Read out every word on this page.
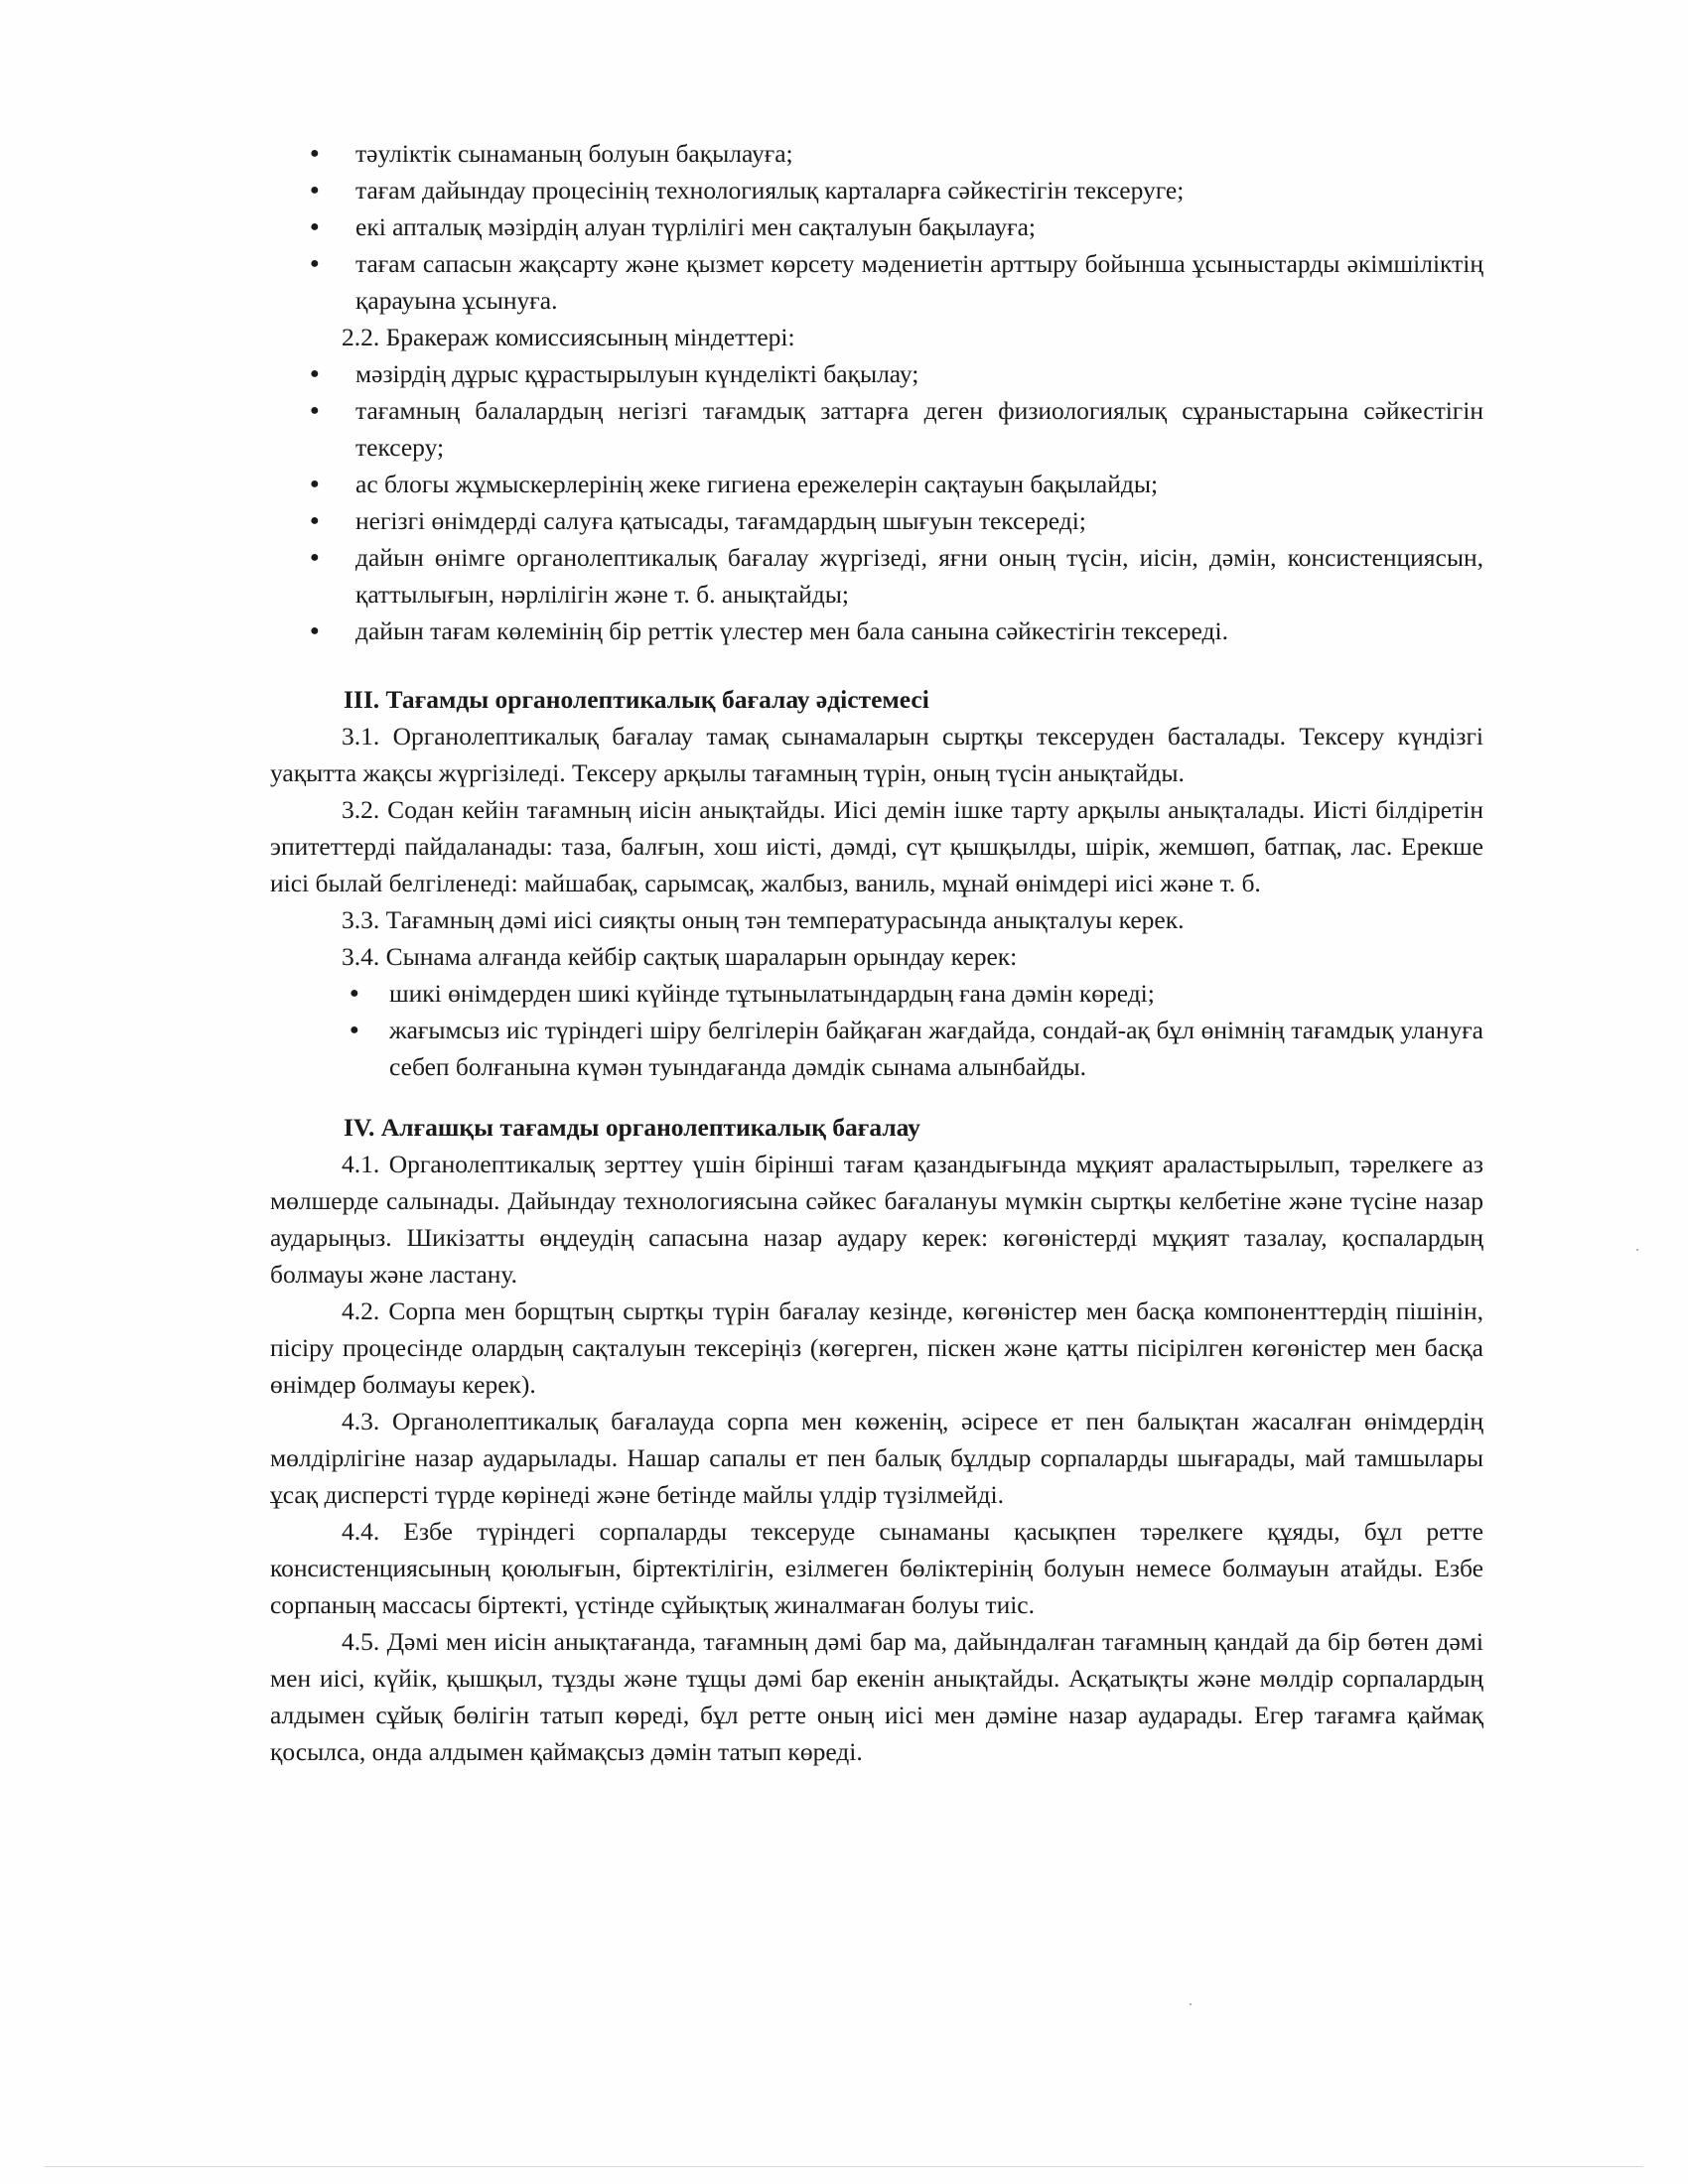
● тәуліктік сынаманың болуын бақылауға;
● тағам дайындау процесінің технологиялық карталарға сәйкестігін тексеруге;
● екі апталық мәзірдің алуан түрлілігі мен сақталуын бақылауға;
● тағам сапасын жақсарту және қызмет көрсету мәдениетін арттыру бойынша ұсыныстарды әкімшіліктің қарауына ұсынуға.

2.2. Бракераж комиссиясының міндеттері:

● мәзірдің дұрыс құрастырылуын күнделікті бақылау;
● тағамның балалардың негізгі тағамдық заттарға деген физиологиялық сұраныстарына сәйкестігін тексеру;
● ас блогы жұмыскерлерінің жеке гигиена ережелерін сақтауын бақылайды;
● негізгі өнімдерді салуға қатысады, тағамдардың шығуын тексереді;
● дайын өнімге органолептикалық бағалау жүргізеді, яғни оның түсін, иісін, дәмін, консистенциясын, қаттылығын, нәрлілігін және т. б. анықтайды;
● дайын тағам көлемінің бір реттік үлестер мен бала санына сәйкестігін тексереді.
III. Тағамды органолептикалық бағалау әдістемесі

3.1. Органолептикалық бағалау тамақ сынамаларын сыртқы тексеруден басталады. Тексеру күндізгі уақытта жақсы жүргізіледі. Тексеру арқылы тағамның түрін, оның түсін анықтайды.

3.2. Содан кейін тағамның иісін анықтайды. Иісі демін ішке тарту арқылы анықталады. Иісті білдіретін эпитеттерді пайдаланады: таза, балғын, хош иісті, дәмді, сүт қышқылды, шірік, жемшөп, батпақ, лас. Ерекше иісі былай белгіленеді: майшабақ, сарымсақ, жалбыз, ваниль, мұнай өнімдері иісі және т. б.

3.3. Тағамның дәмі иісі сияқты оның тән температурасында анықталуы керек.

3.4. Сынама алғанда кейбір сақтық шараларын орындау керек:

● шикі өнімдерден шикі күйінде тұтынылатындардың ғана дәмін көреді;
● жағымсыз иіс түріндегі шіру белгілерін байқаған жағдайда, сондай-ақ бұл өнімнің тағамдық улануға себеп болғанына күмән туындағанда дәмдік сынама алынбайды.
IV. Алғашқы тағамды органолептикалық бағалау

4.1. Органолептикалық зерттеу үшін бірінші тағам қазандығында мұқият араластырылып, тәрелкеге аз мөлшерде салынады. Дайындау технологиясына сәйкес бағалануы мүмкін сыртқы келбетіне және түсіне назар аударыңыз. Шикізатты өңдеудің сапасына назар аудару керек: көгөністерді мұқият тазалау, қоспалардың болмауы және ластану.

4.2. Сорпа мен борщтың сыртқы түрін бағалау кезінде, көгөністер мен басқа компоненттердің пішінін, пісіру процесінде олардың сақталуын тексеріңіз (көгерген, піскен және қатты пісірілген көгөністер мен басқа өнімдер болмауы керек).

4.3. Органолептикалық бағалауда сорпа мен көженің, әсіресе ет пен балықтан жасалған өнімдердің мөлдірлігіне назар аударылады. Нашар сапалы ет пен балық бұлдыр сорпаларды шығарады, май тамшылары ұсақ дисперсті түрде көрінеді және бетінде майлы үлдір түзілмейді.

4.4. Езбе түріндегі сорпаларды тексеруде сынаманы қасықпен тәрелкеге құяды, бұл ретте консистенциясының қоюлығын, біртектілігін, езілмеген бөліктерінің болуын немесе болмауын атайды. Езбе сорпаның массасы біртекті, үстінде сұйықтық жиналмаған болуы тиіс.

4.5. Дәмі мен иісін анықтағанда, тағамның дәмі бар ма, дайындалған тағамның қандай да бір бөтен дәмі мен иісі, күйік, қышқыл, тұзды және тұщы дәмі бар екенін анықтайды. Асқатықты және мөлдір сорпалардың алдымен сұйық бөлігін татып көреді, бұл ретте оның иісі мен дәміне назар аударады. Егер тағамға қаймақ қосылса, онда алдымен қаймақсыз дәмін татып көреді.
